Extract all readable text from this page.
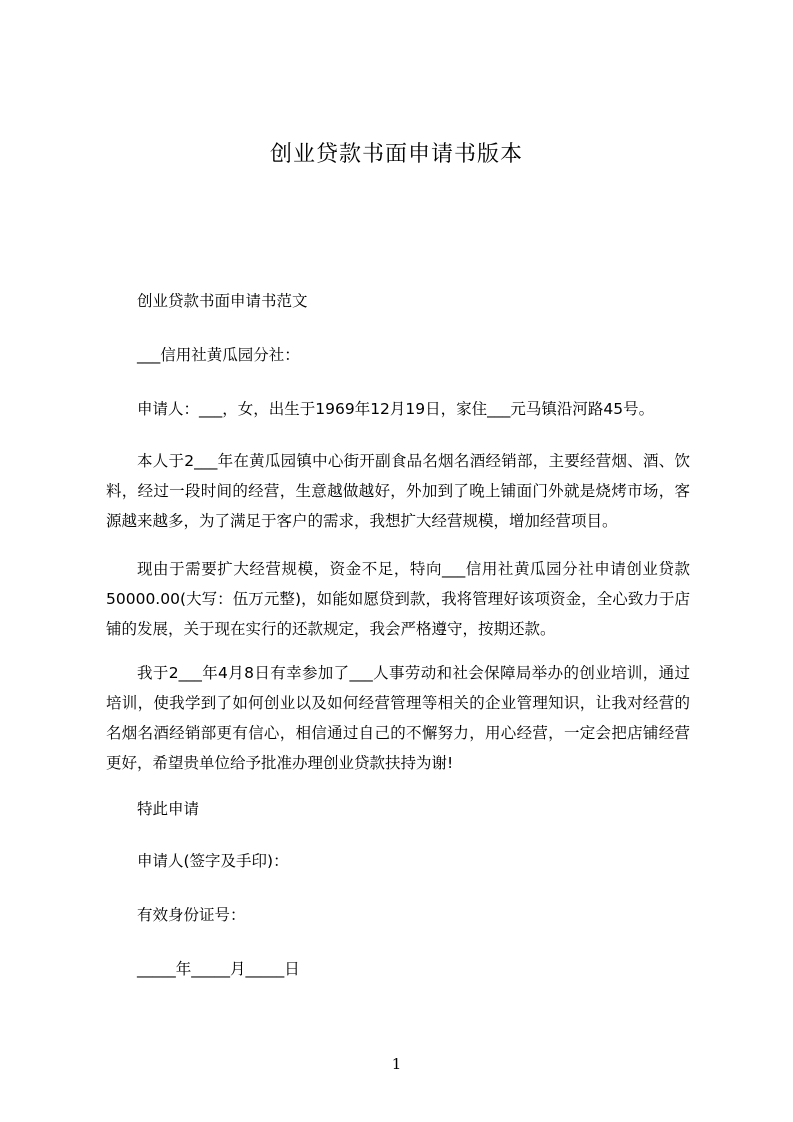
创业贷款书面申请书版本

创业贷款书面申请书范文

___信用社黄瓜园分社：

申请人：___，女，出生于1969年12月19日，家住___元马镇沿河路45号。

本人于2___年在黄瓜园镇中心街开副食品名烟名酒经销部，主要经营烟、酒、饮料，经过一段时间的经营，生意越做越好，外加到了晚上铺面门外就是烧烤市场，客源越来越多，为了满足于客户的需求，我想扩大经营规模，增加经营项目。

现由于需要扩大经营规模，资金不足，特向___信用社黄瓜园分社申请创业贷款50000.00(大写：伍万元整)，如能如愿贷到款，我将管理好该项资金，全心致力于店铺的发展，关于现在实行的还款规定，我会严格遵守，按期还款。

我于2___年4月8日有幸参加了___人事劳动和社会保障局举办的创业培训，通过培训，使我学到了如何创业以及如何经营管理等相关的企业管理知识，让我对经营的名烟名酒经销部更有信心，相信通过自己的不懈努力，用心经营，一定会把店铺经营更好，希望贵单位给予批准办理创业贷款扶持为谢!

特此申请

申请人(签字及手印)：

有效身份证号：

_____年_____月_____日

1
